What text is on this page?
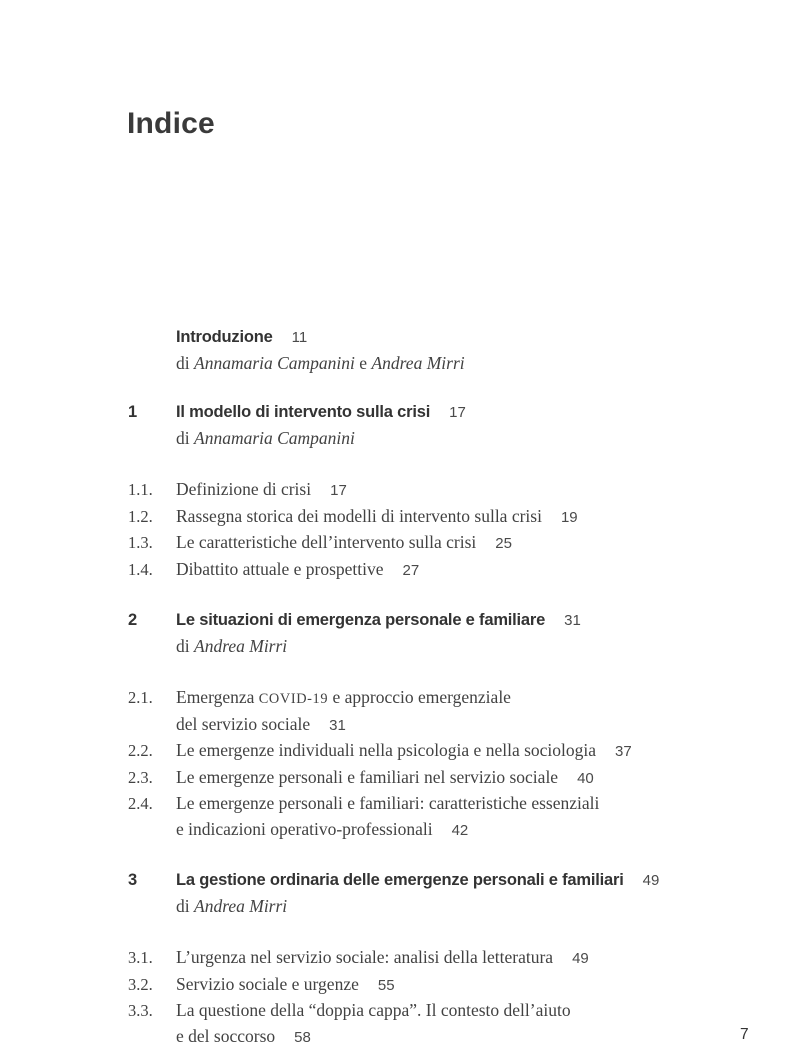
Indice

Introduzione 11

di Annamaria Campanini e Andrea Mirri

1	Il modello di intervento sulla crisi 17

di Annamaria Campanini

1.1.	Definizione di crisi 17

1.2.	Rassegna storica dei modelli di intervento sulla crisi 19

1.3.	Le caratteristiche dell’intervento sulla crisi 25

1.4.	Dibattito attuale e prospettive 27

2	Le situazioni di emergenza personale e familiare 31

di Andrea Mirri

2.1.	Emergenza COVID-19 e approccio emergenziale

del servizio sociale 31

2.2.	Le emergenze individuali nella psicologia e nella sociologia 37

2.3.	Le emergenze personali e familiari nel servizio sociale 40

2.4.	Le emergenze personali e familiari: caratteristiche essenziali

e indicazioni operativo-professionali 42

3	La gestione ordinaria delle emergenze personali e familiari 49

di Andrea Mirri

3.1.	L’urgenza nel servizio sociale: analisi della letteratura 49

3.2.	Servizio sociale e urgenze 55

3.3.	La questione della “doppia cappa”. Il contesto dell’aiuto

e del soccorso 58	7
